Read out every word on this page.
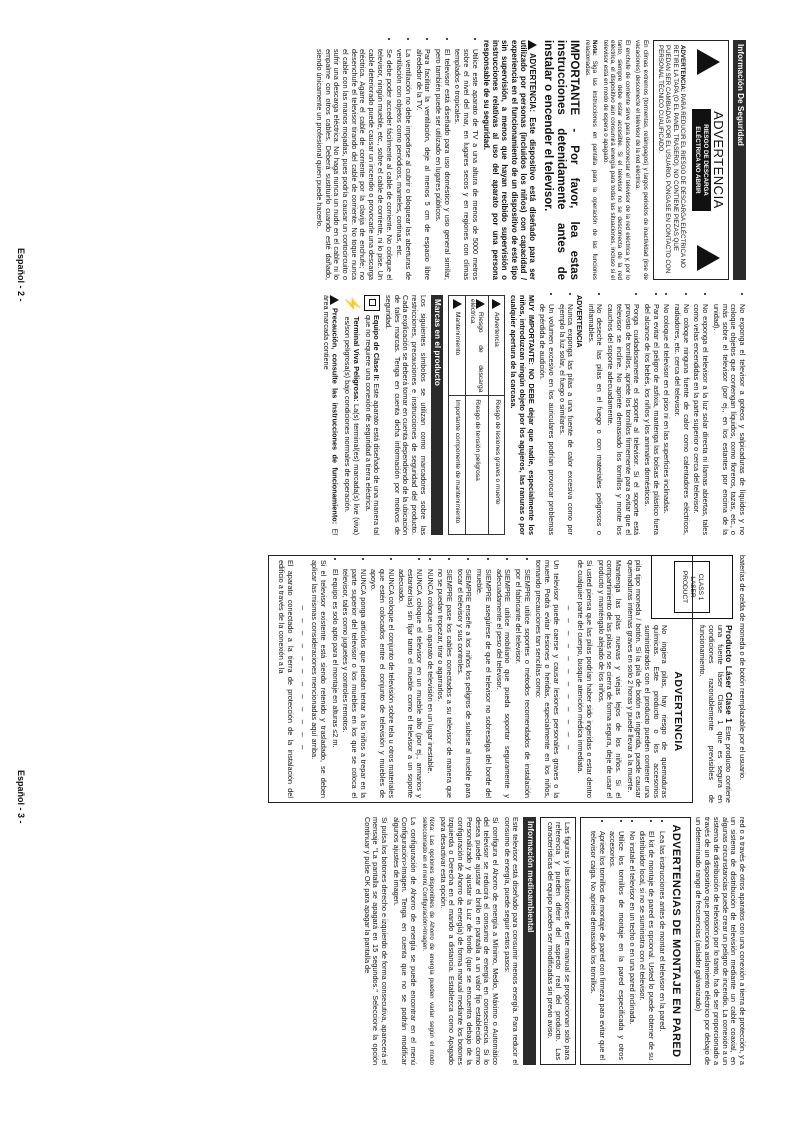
Información De Seguridad
ADVERTENCIA
RIESGO DE DESCARGA ELÉCTRICA NO ABRIR
ADVERTENCIA: PARA REDUCIR EL RIESGO DE DESCARGA ELÉCTRICA NO RETIRE LA TAPA (O EL PANEL TRASERO). NO CONTIENE PIEZAS QUE PUEDAN SER CAMBIADAS POR EL USUARIO. PÓNGASE EN CONTACTO CON PERSONAL TÉCNICO CUALIFICADO.

En climas extremos (tormentas, relámpagos) y largos periodos de inactividad (irse de vacaciones) desconecte el televisor de la red eléctrica.

El enchufe de corriente sirve para desconectar el televisor de la red eléctrica y, por lo tanto, siempre debe estar accesible. Si el televisor no se desconecta de la red eléctrica, el dispositivo aún consumirá energía para todas las situaciones, incluso si el televisor está en modo de espera o apagado.

Nota: Siga las instrucciones en pantalla para la operación de las funciones relacionadas.

IMPORTANTE - Por favor, lea estas instrucciones detenidamente antes de instalar o encender el televisor.

ADVERTENCIA: Este dispositivo está diseñado para ser utilizado por personas (incluidos los niños) con capacidad / experiencia en el funcionamiento de un dispositivo de este tipo sin supervisión, a menos que hayan recibido supervisión o instrucciones relativas al uso del aparato por una persona responsable de su seguridad.

• Utilice este aparato de TV a una altura de menos de 5000 metros sobre el nivel del mar, en lugares secos y en regiones con climas templados o tropicales.
• El televisor está diseñado para uso doméstico y uso general similar, pero también puede ser utilizado en lugares públicos.
• Para facilitar la ventilación, deje al menos 5 cm de espacio libre alrededor de la TV.
• La ventilación no debe impedirse al cubrir o bloquear las aberturas de ventilación con objetos como periódicos, manteles, cortinas, etc.
• Se debe poder acceder fácilmente al cable de corriente. No coloque el televisor, ningún mueble, etc., sobre el cable de corriente, ni lo pise. Un cable deteriorado puede causar un incendio o provocarle una descarga eléctrica. Agarre el cable de corriente por la clavija de enchufe; no desenchufe el televisor tirando del cable de corriente. No toque nunca el cable con las manos mojadas, pues podría causar un cortocircuito o sufrir una descarga eléctrica. No haga nunca un nudo en el cable ni lo empalme con otros cables. Deberá sustituirlo cuando esté dañado, siendo únicamente un profesional quien puede hacerlo.
• No exponga el televisor a goteos y salpicaduras de líquidos y no coloque objetos que contengan líquidos, como floreros, tazas, etc., o más sobre el televisor (por ej., en los estantes por encima de la unidad).
• No exponga el televisor a la luz solar directa ni llamas abiertas, tales como velas encendidas en la parte superior o cerca del televisor.
• No coloque ninguna fuente de calor como calentadores eléctricos, radiadores, etc. cerca del televisor.
• No coloque el televisor en el piso ni en las superficies inclinadas.
• Para evitar el peligro de asfixia, mantenga las bolsas de plástico fuera del alcance de los bebés, los niños y los animales domésticos.
• Ponga cuidadosamente el soporte al televisor. Si el soporte está provisto de tornillos, apriete los tornillos firmemente para evitar que el televisor se incline. No apriete demasiado los tornillos y monte los cauchos del soporte adecuadamente.
• No deseche las pilas en el fuego o con materiales peligrosos o inflamables.
ADVERTENCIA
• Nunca exponga las pilas a una fuente de calor excesiva como por ejemplo la luz solar, el fuego o similares.
• Un volumen excesivo en los auriculares podrían provocar problemas de pérdida de audición.

MUY IMPORTANTE: NO DEBE dejar que nadie, especialmente los niños, introduzcan ningún objeto por los agujeros, las ranuras o por cualquier apertura de la carcasa.

Advertencia	Riesgo de lesiones graves o muerte
Riesgo de descarga eléctrica	Riesgo de tensión peligrosa
Mantenimiento	Importante componente de mantenimiento
Marcas en el producto

Los siguientes símbolos se utilizan como marcadores sobre las restricciones, precauciones e instrucciones de seguridad del producto. Cada explicación se deberá tomar en cuenta dependiendo de la ubicación de tales marcas. Tenga en cuenta dicha información por motivos de seguridad.

Equipo de Clase II: Este aparato está diseñado de una manera tal que no requiere una conexión de seguridad a tierra eléctrica.

⚡
Terminal Viva Peligrosa: La(s) terminal(es) marcada(s) live (viva) es/son peligrosa(s) bajo condiciones normales de operación.

Precaución, consulte las instrucciones de funcionamiento: El área marcada contiene

baterías de celda de moneda o de botón reemplazable por el usuario.

CLASS 1 LASER PRODUCT

Producto Láser Clase 1 Este producto contiene una fuente láser Clase 1 que es segura en condiciones razonablemente previsibles de funcionamiento.

ADVERTENCIA

No ingiera pilas, hay riesgo de quemaduras químicas. Este producto o los accesorios suministrados con el producto pueden contener una pila tipo moneda / botón. Si la pila de botón es ingerida, puede causar quemaduras internas graves en solo 2 horas y puede llevar a la muerte.

Mantenga las pilas nuevas y viejas lejos de los niños. Si el compartimiento de las pilas no se cierra de forma segura, deje de usar el producto y manténgalo alejado de los niños.

Si usted piensa que las pilas podrían haber sido ingeridas o estar dentro de cualquier parte del cuerpo, busque atención médica inmediata.

– – – – – – – – – – – –

Un televisor puede caerse y causar lesiones personales graves o la muerte. Podrá evitar lesiones o heridas, especialmente en los niños, tomando precauciones tan sencillas como:

• SIEMPRE utilice soportes o métodos recomendados de instalación por el fabricante del televisor.
• SIEMPRE utilice mobiliario que pueda soportar seguramente y adecuadamente el peso del televisor.
• SIEMPRE asegúrese de que el televisor no sobresalga del borde del mueble.
• SIEMPRE enseñe a los niños los peligros de subirse al mueble para tocar el televisor y sus controles.
• SIEMPRE pase los cables conectados a su televisor de manera que no se puedan tropezar, tirar o agarrarlos.
• NUNCA coloque un aparato de televisión en un lugar inestable.
• NUNCA coloque el televisor en un mueble alto (por ej., armarios y estanterías) sin fijar tanto el mueble como el televisor a un soporte adecuado.
• NUNCA coloque el conjunto de televisión sobre tela u otros materiales que estén colocados entre el conjunto de televisión y muebles de apoyo.
• NUNCA ponga artículos que puedan tentar a los niños a trepar en la parte superior del televisor o los muebles en los que se coloca el televisor, tales como juguetes y controles remotos.
• El equipo es solo apto para el montaje en alturas ≤2 m.

Si el televisor existente está siendo retenido y trasladado, se deben aplicar las mismas consideraciones mencionadas aquí arriba.

– – – – – – – – – – – –

El aparato conectado a la tierra de protección de la instalación del edificio a través de la conexión a la

red o a través de otros aparatos con una conexión a tierra de protección, y a un sistema de distribución de televisión mediante un cable coaxial, en algunas circunstancias puede crear un peligro de incendio. La conexión a un sistema de distribución de televisión por lo tanto, ha de ser proporcionado a través de un dispositivo que proporciona aislamiento eléctrico por debajo de un determinado rango de frecuencias (aislador galvanizado)

ADVERTENCIAS DE MONTAJE EN PARED
• Lea las instrucciones antes de montar el televisor en la pared.
• El kit de montaje de pared es opcional. Usted lo puede obtener de su distribuidor local, si no se suministra con el televisor.
• No instale el televisor en un techo o en una pared inclinada.
• Utilice los tornillos de montaje en la pared especificada y otros accesorios.
• Apriete los tornillos de montaje de pared con firmeza para evitar que el televisor caiga. No apriete demasiado los tornillos.

Las figuras y las ilustraciones de este manual se proporcionan solo para referencia y pueden diferir del aspecto real del producto. Las características del equipo pueden ser modificadas sin previo aviso.

Información medioambiental

Este televisor está diseñado para consumir menos energía. Para reducir el consumo de energía, puede seguir estos pasos:

Si configura el Ahorro de energía a Mínimo, Medio, Máximo o Automático del televisor se reducirá el consumo de energía en consecuencia. Si lo desea puede ajustar el brillo en pantalla a un valor fijo establecido como Personalizado y ajustar la Luz de fondo (que se encuentra debajo de la configuración de Ahorro de energía) de forma manual mediante los botones Izquierda o Derecha en el mando a distancia. Establezca como Apagado para desactivar esta opción.

Nota: Las opciones disponibles de Ahorro de energía pueden variar según el modo seleccionado en el menú Configuración>Imagen.

La configuración de Ahorro de energía se puede encontrar en el menú Configuración>Imagen. Tenga en cuenta que no se podrán modificar algunos ajustes de imagen.

Si pulsa los botones derecho e izquierdo de forma consecutiva, aparecerá el mensaje "La pantalla se apagará en 15 segundos." Seleccione la opción Continuar y pulse OK para apagar la pantalla de

Español - 2 -
Español - 3 -
